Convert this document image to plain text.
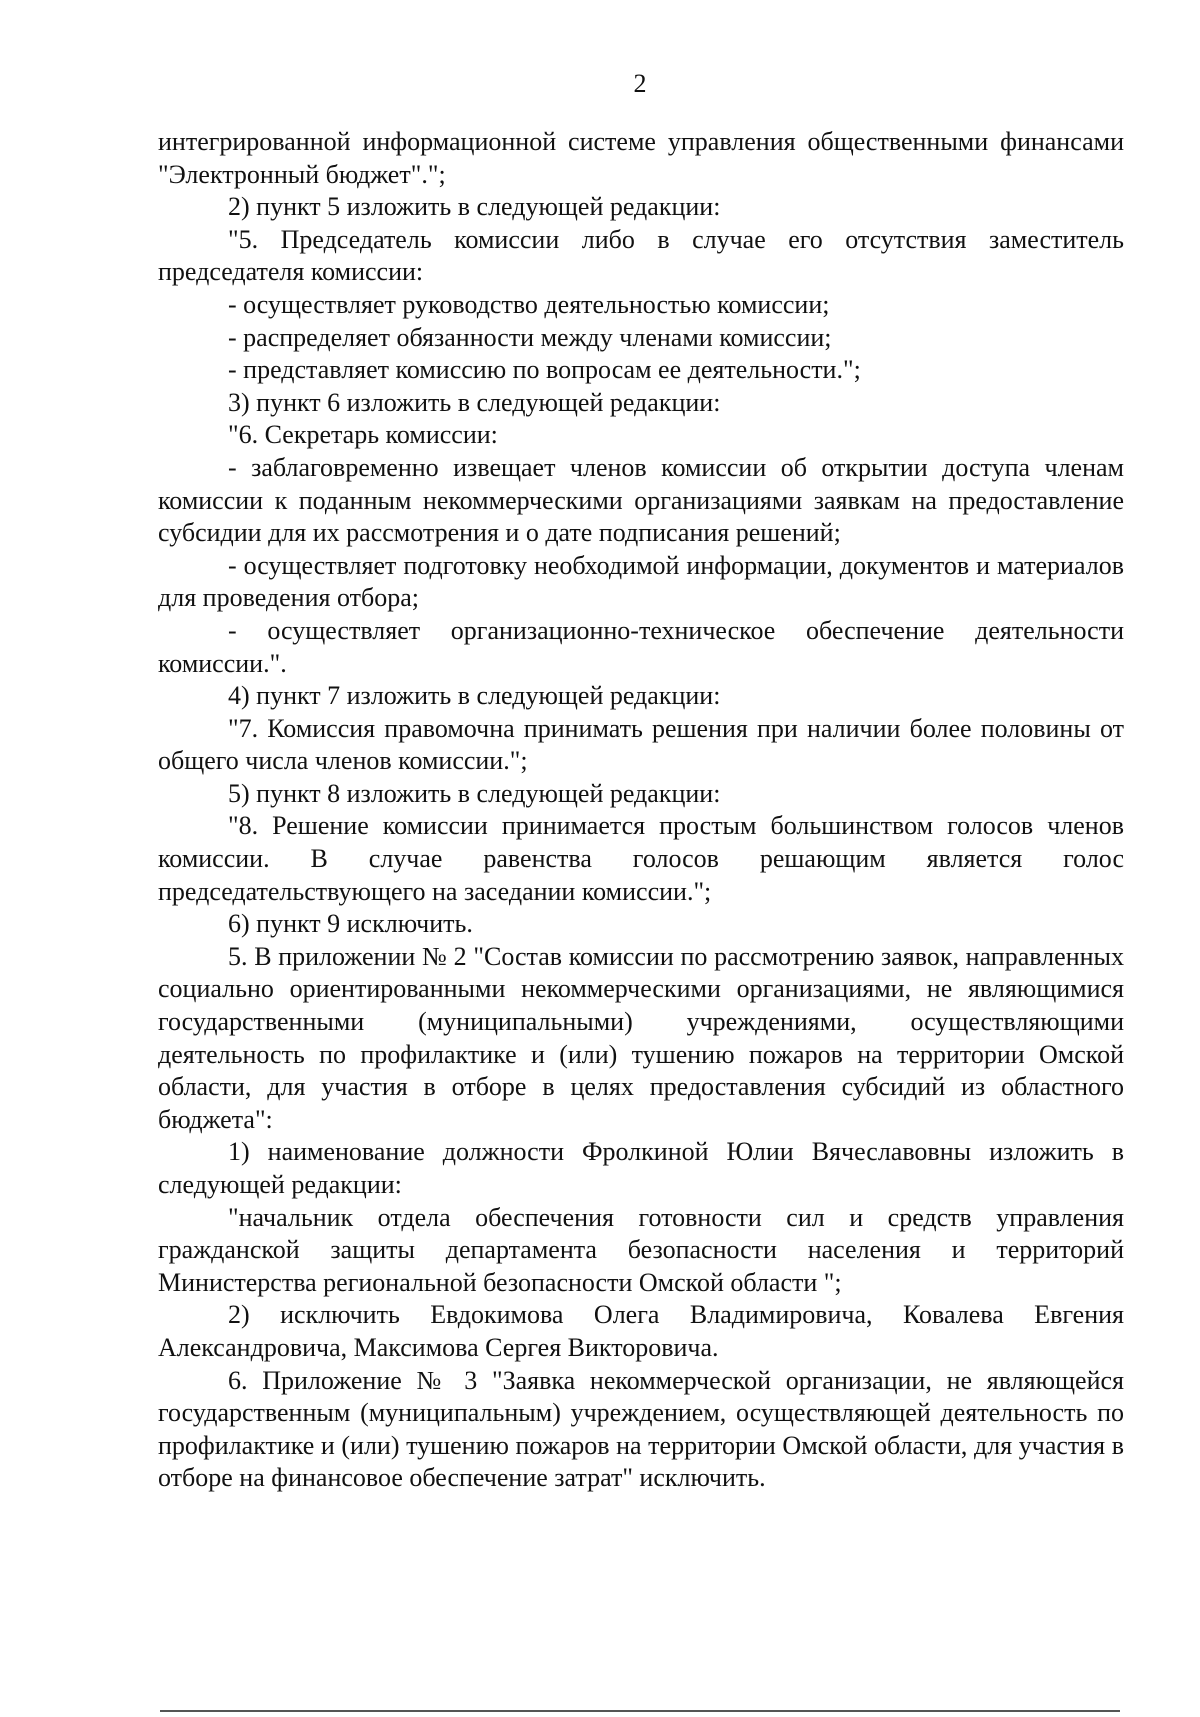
2

интегрированной информационной системе управления общественными финансами "Электронный бюджет".";

2) пункт 5 изложить в следующей редакции:

"5. Председатель комиссии либо в случае его отсутствия заместитель председателя комиссии:

- осуществляет руководство деятельностью комиссии;

- распределяет обязанности между членами комиссии;

- представляет комиссию по вопросам ее деятельности.";

3) пункт 6 изложить в следующей редакции:

"6. Секретарь комиссии:

- заблаговременно извещает членов комиссии об открытии доступа членам комиссии к поданным некоммерческими организациями заявкам на предоставление субсидии для их рассмотрения и о дате подписания решений;

- осуществляет подготовку необходимой информации, документов и материалов для проведения отбора;

- осуществляет организационно-техническое обеспечение деятельности комиссии.".

4) пункт 7 изложить в следующей редакции:

"7. Комиссия правомочна принимать решения при наличии более половины от общего числа членов комиссии.";

5) пункт 8 изложить в следующей редакции:

"8. Решение комиссии принимается простым большинством голосов членов комиссии. В случае равенства голосов решающим является голос председательствующего на заседании комиссии.";

6) пункт 9 исключить.

5. В приложении № 2 "Состав комиссии по рассмотрению заявок, направленных социально ориентированными некоммерческими организациями, не являющимися государственными (муниципальными) учреждениями, осуществляющими деятельность по профилактике и (или) тушению пожаров на территории Омской области, для участия в отборе в целях предоставления субсидий из областного бюджета":

1) наименование должности Фролкиной Юлии Вячеславовны изложить в следующей редакции:

"начальник отдела обеспечения готовности сил и средств управления гражданской защиты департамента безопасности населения и территорий Министерства региональной безопасности Омской области ";

2) исключить Евдокимова Олега Владимировича, Ковалева Евгения Александровича, Максимова Сергея Викторовича.

6. Приложение № 3 "Заявка некоммерческой организации, не являющейся государственным (муниципальным) учреждением, осуществляющей деятельность по профилактике и (или) тушению пожаров на территории Омской области, для участия в отборе на финансовое обеспечение затрат" исключить.
